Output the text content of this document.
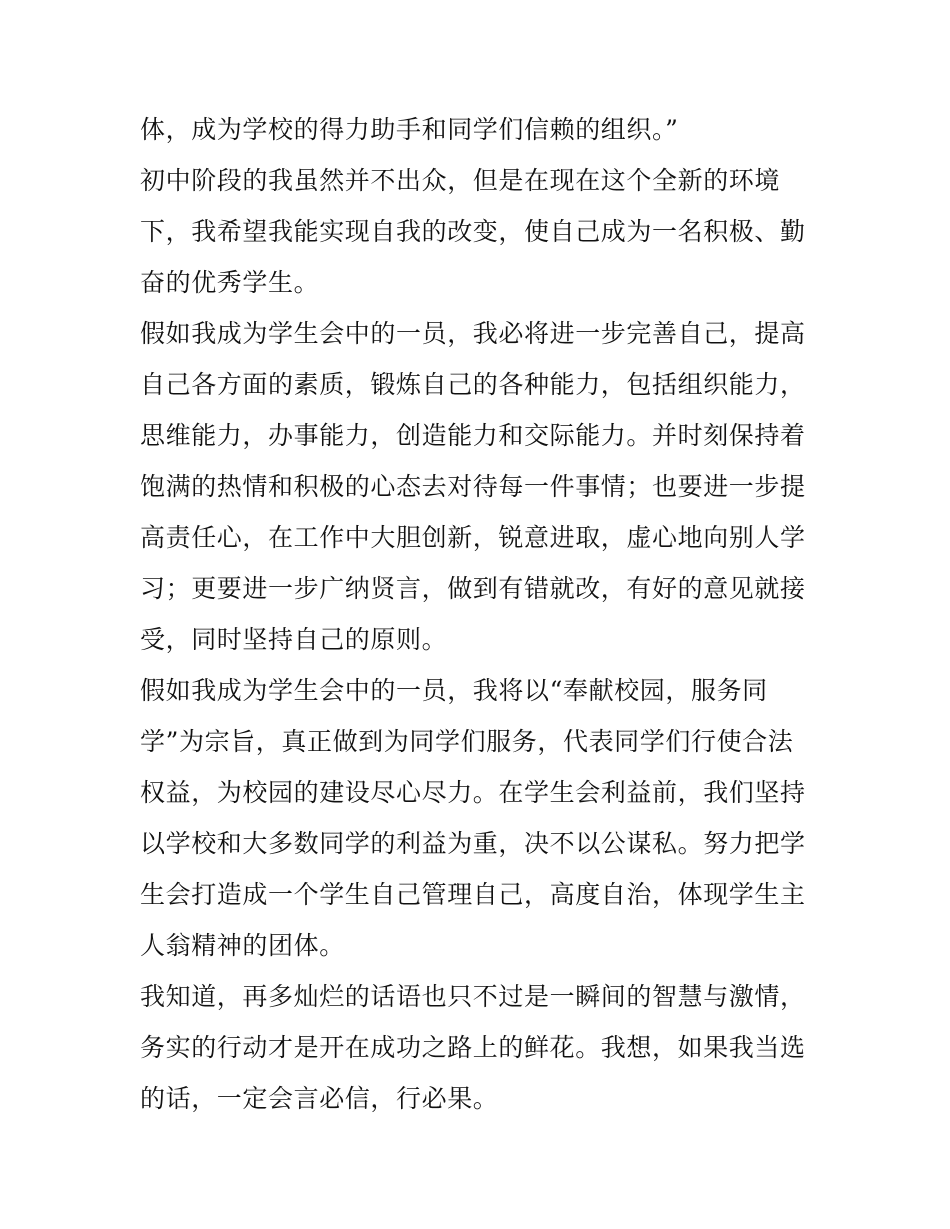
体，成为学校的得力助手和同学们信赖的组织。”

初中阶段的我虽然并不出众，但是在现在这个全新的环境下，我希望我能实现自我的改变，使自己成为一名积极、勤奋的优秀学生。

假如我成为学生会中的一员，我必将进一步完善自己，提高自己各方面的素质，锻炼自己的各种能力，包括组织能力，思维能力，办事能力，创造能力和交际能力。并时刻保持着饱满的热情和积极的心态去对待每一件事情；也要进一步提高责任心，在工作中大胆创新，锐意进取，虚心地向别人学习；更要进一步广纳贤言，做到有错就改，有好的意见就接受，同时坚持自己的原则。

假如我成为学生会中的一员，我将以“奉献校园，服务同学”为宗旨，真正做到为同学们服务，代表同学们行使合法权益，为校园的建设尽心尽力。在学生会利益前，我们坚持以学校和大多数同学的利益为重，决不以公谋私。努力把学生会打造成一个学生自己管理自己，高度自治，体现学生主人翁精神的团体。

我知道，再多灿烂的话语也只不过是一瞬间的智慧与激情，务实的行动才是开在成功之路上的鲜花。我想，如果我当选的话，一定会言必信，行必果。
